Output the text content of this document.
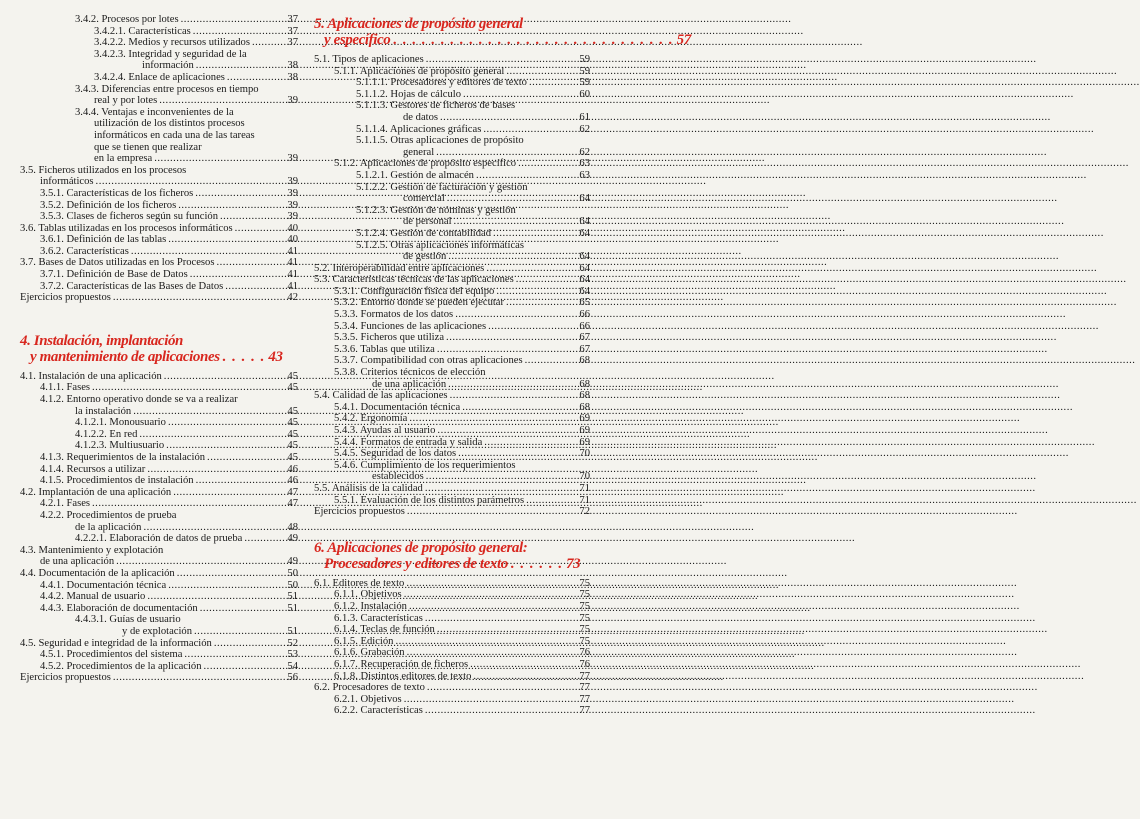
3.4.2. Procesos por lotes .....	37
3.4.2.1. Características .....	37
3.4.2.2. Medios y recursos utilizados .....	37
3.4.2.3. Integridad y seguridad de la
información .....	38
3.4.2.4. Enlace de aplicaciones .....	38
3.4.3. Diferencias entre procesos en tiempo
real y por lotes .....	39
3.4.4. Ventajas e inconvenientes de la
utilización de los distintos procesos
informáticos en cada una de las tareas
que se tienen que realizar
en la empresa .....	39
3.5. Ficheros utilizados en los procesos
informáticos .....	39
3.5.1. Características de los ficheros .....	39
3.5.2. Definición de los ficheros .....	39
3.5.3. Clases de ficheros según su función .....	39
3.6. Tablas utilizadas en los procesos informáticos .....	40
3.6.1. Definición de las tablas .....	40
3.6.2. Características .....	41
3.7. Bases de Datos utilizadas en los Procesos .....	41
3.7.1. Definición de Base de Datos .....	41
3.7.2. Características de las Bases de Datos .....	41
Ejercicios propuestos .....	42
4. Instalación, implantación
y mantenimiento de aplicaciones . . . . . 43
4.1. Instalación de una aplicación .....	45
4.1.1. Fases .....	45
4.1.2. Entorno operativo donde se va a realizar
la instalación .....	45
4.1.2.1. Monousuario .....	45
4.1.2.2. En red .....	45
4.1.2.3. Multiusuario .....	45
4.1.3. Requerimientos de la instalación .....	45
4.1.4. Recursos a utilizar .....	46
4.1.5. Procedimientos de instalación .....	46
4.2. Implantación de una aplicación .....	47
4.2.1. Fases .....	47
4.2.2. Procedimientos de prueba
de la aplicación .....	48
4.2.2.1. Elaboración de datos de prueba .....	49
4.3. Mantenimiento y explotación
de una aplicación .....	49
4.4. Documentación de la aplicación .....	50
4.4.1. Documentación técnica .....	50
4.4.2. Manual de usuario .....	51
4.4.3. Elaboración de documentación .....	51
4.4.3.1. Guías de usuario
y de explotación .....	51
4.5. Seguridad e integridad de la información .....	52
4.5.1. Procedimientos del sistema .....	53
4.5.2. Procedimientos de la aplicación .....	54
Ejercicios propuestos .....	56
5. Aplicaciones de propósito general
y específico . . . . . . . . . . . . . . . . . . . . . . . . . . . . . . 57
5.1. Tipos de aplicaciones .....	59
5.1.1. Aplicaciones de propósito general .....	59
5.1.1.1. Procesadores y editores de texto .....	59
5.1.1.2. Hojas de cálculo .....	60
5.1.1.3. Gestores de ficheros de bases
de datos .....	61
5.1.1.4. Aplicaciones gráficas .....	62
5.1.1.5. Otras aplicaciones de propósito
general .....	62
5.1.2. Aplicaciones de propósito específico .....	63
5.1.2.1. Gestión de almacén .....	63
5.1.2.2. Gestión de facturación y gestión
comercial .....	64
5.1.2.3. Gestión de nóminas y gestión
de personal .....	64
5.1.2.4. Gestión de contabilidad .....	64
5.1.2.5. Otras aplicaciones informáticas
de gestión .....	64
5.2. Interoperabilidad entre aplicaciones .....	64
5.3. Características técnicas de las aplicaciones .....	64
5.3.1. Configuración física del equipo .....	64
5.3.2. Entorno donde se pueden ejecutar .....	65
5.3.3. Formatos de los datos .....	66
5.3.4. Funciones de las aplicaciones .....	66
5.3.5. Ficheros que utiliza .....	67
5.3.6. Tablas que utiliza .....	67
5.3.7. Compatibilidad con otras aplicaciones .....	68
5.3.8. Criterios técnicos de elección
de una aplicación .....	68
5.4. Calidad de las aplicaciones .....	68
5.4.1. Documentación técnica .....	68
5.4.2. Ergonomía .....	69
5.4.3. Ayudas al usuario .....	69
5.4.4. Formatos de entrada y salida .....	69
5.4.5. Seguridad de los datos .....	70
5.4.6. Cumplimiento de los requerimientos
establecidos .....	70
5.5. Análisis de la calidad .....	71
5.5.1. Evaluación de los distintos parámetros .....	71
Ejercicios propuestos .....	72
6. Aplicaciones de propósito general:
Procesadores y editores de texto . . . . . . 73
6.1. Editores de texto .....	75
6.1.1. Objetivos .....	75
6.1.2. Instalación .....	75
6.1.3. Características .....	75
6.1.4. Teclas de función .....	75
6.1.5. Edición .....	75
6.1.6. Grabación .....	76
6.1.7. Recuperación de ficheros .....	76
6.1.8. Distintos editores de texto .....	77
6.2. Procesadores de texto .....	77
6.2.1. Objetivos .....	77
6.2.2. Características .....	77
